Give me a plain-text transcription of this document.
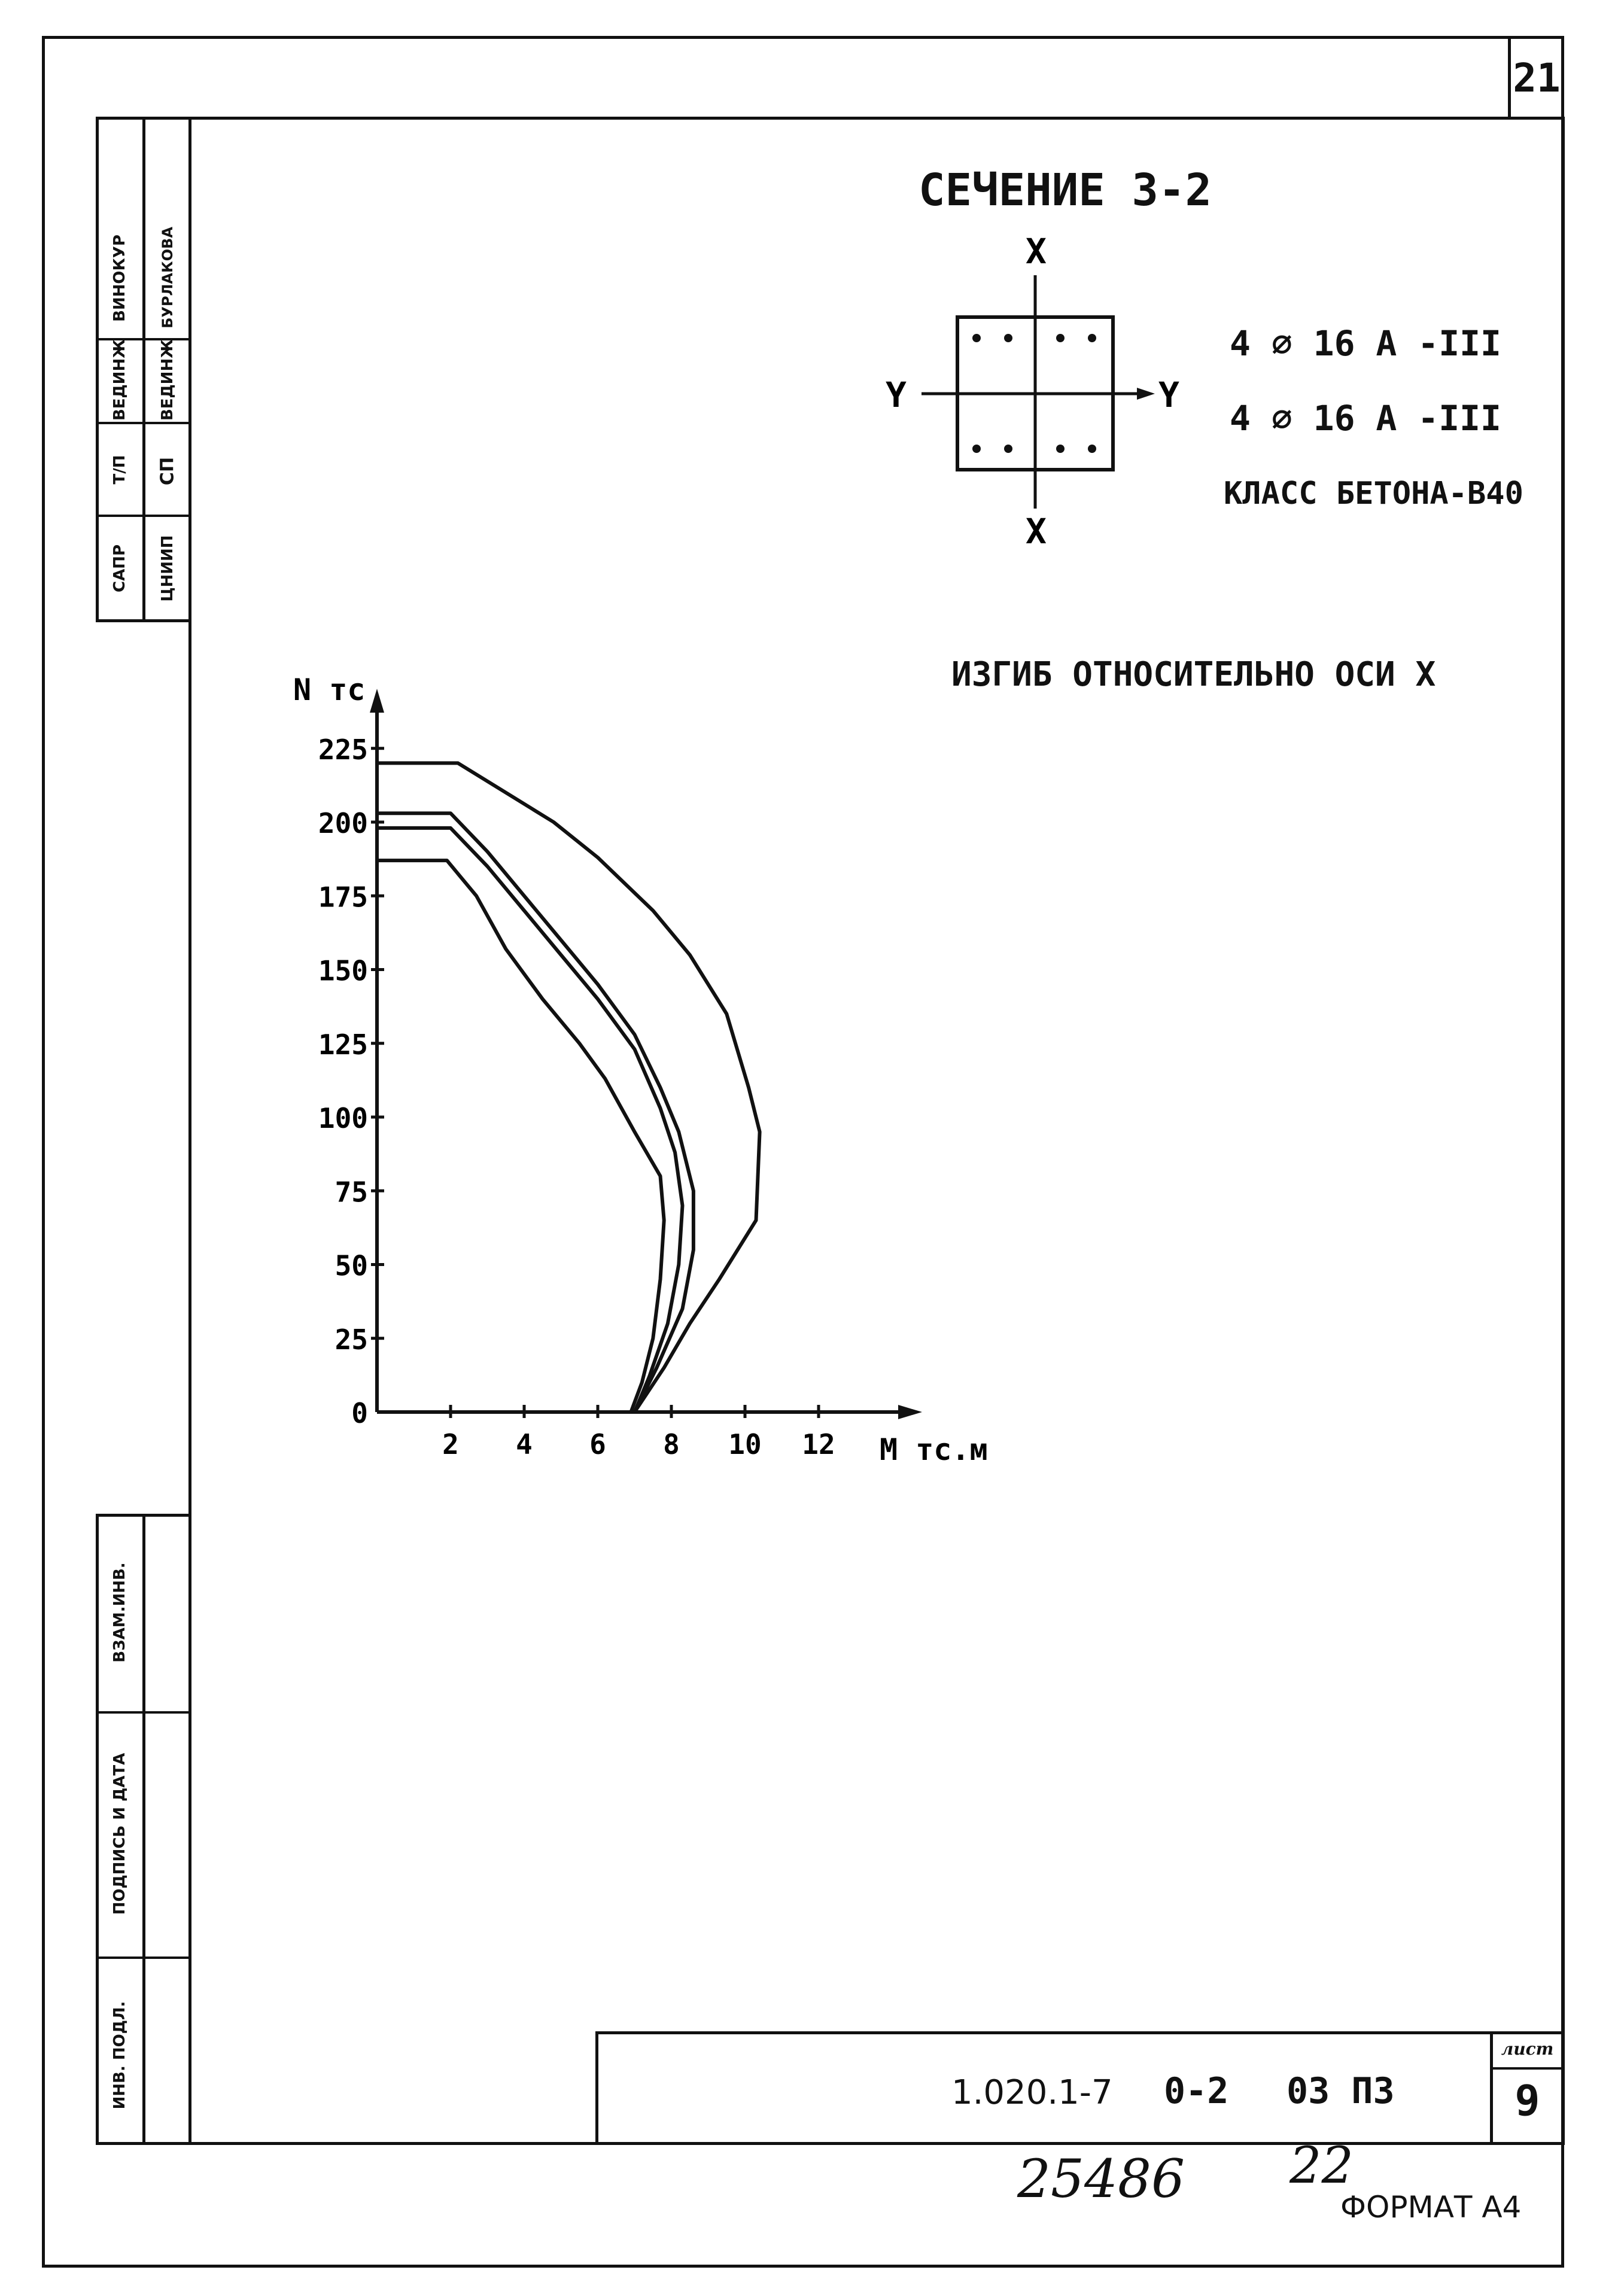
21
ВИНОКУР
ВЕДИНЖ
Т/П
САПР
БУРЛАКОВА
ВЕДИНЖ
СП
ЦНИИП
ВЗАМ.ИНВ.
ПОДПИСЬ И ДАТА
ИНВ. ПОДЛ.	лист
9
1.020.1-7 0-2 03 ПЗ
25486 22
ФОРМАТ А4
СЕЧЕНИЕ 3-2
4 ⌀ 16 А -III
4 ⌀ 16 А -III
КЛАСС БЕТОНА-В40
ИЗГИБ ОТНОСИТЕЛЬНО ОСИ X
X
X
Y	Y
0
25
50
75
100
125
150
175
200
225
2 4 6 8 10 12
N тс
M тс.м
